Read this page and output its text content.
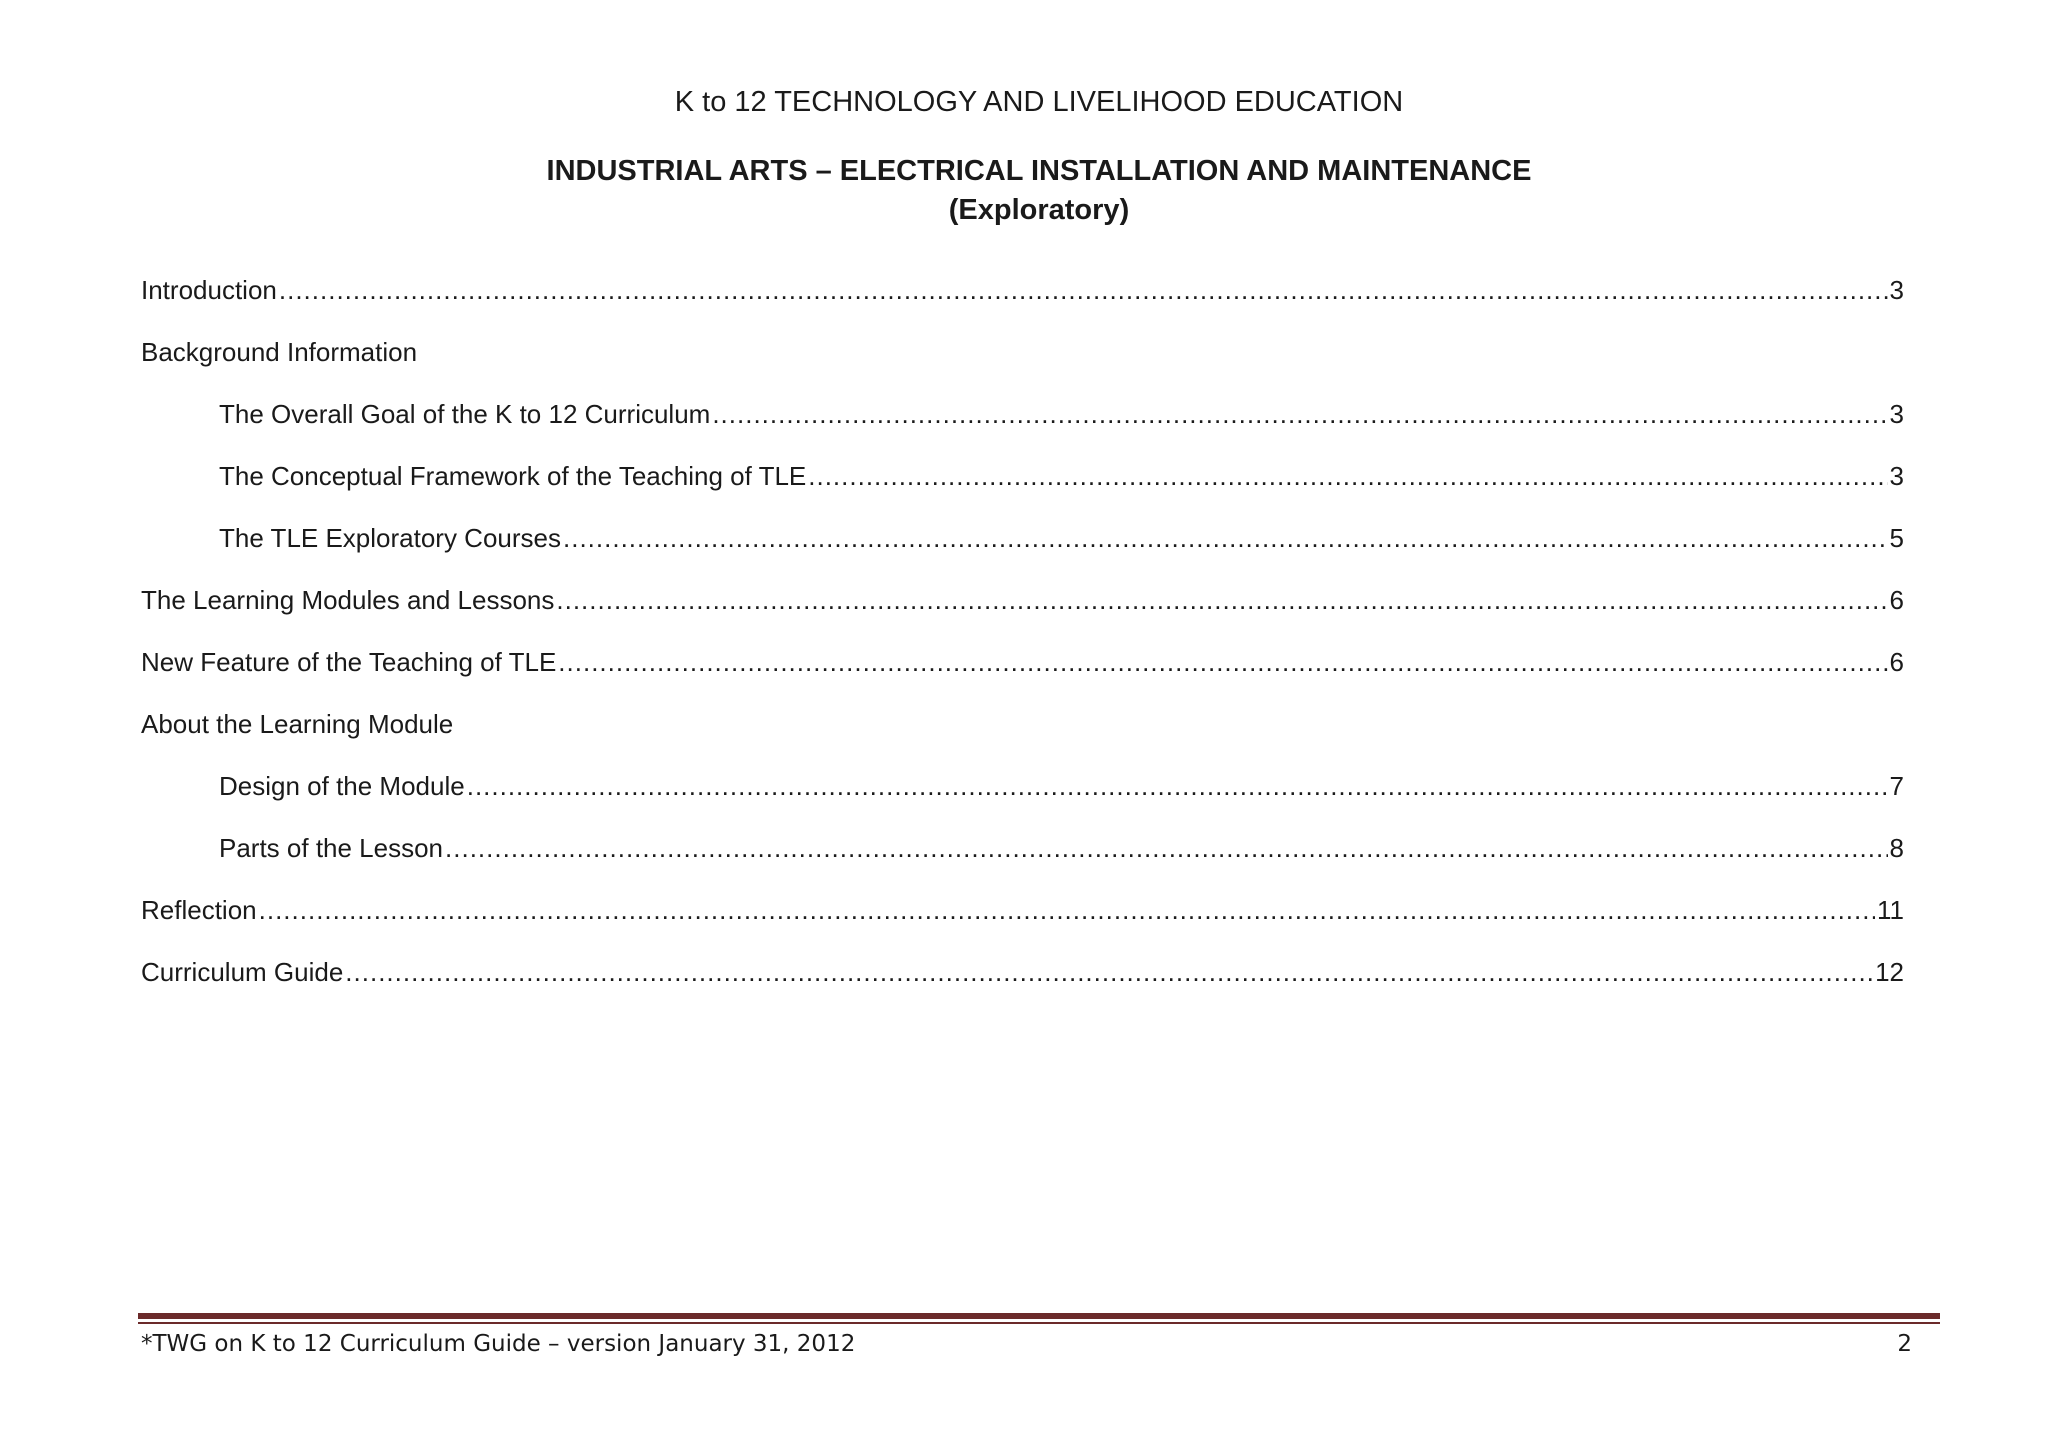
K to 12 TECHNOLOGY AND LIVELIHOOD EDUCATION
INDUSTRIAL ARTS – ELECTRICAL INSTALLATION AND MAINTENANCE
(Exploratory)
Introduction .....	3
Background Information
The Overall Goal of the K to 12 Curriculum .....	3
The Conceptual Framework of the Teaching of TLE .....	3
The TLE Exploratory Courses .....	5
The Learning Modules and Lessons .....	6
New Feature of the Teaching of TLE .....	6
About the Learning Module
Design of the Module .....	7
Parts of the Lesson .....	8
Reflection .....	11
Curriculum Guide .....	12
*TWG on K to 12 Curriculum Guide – version January 31, 2012	2
